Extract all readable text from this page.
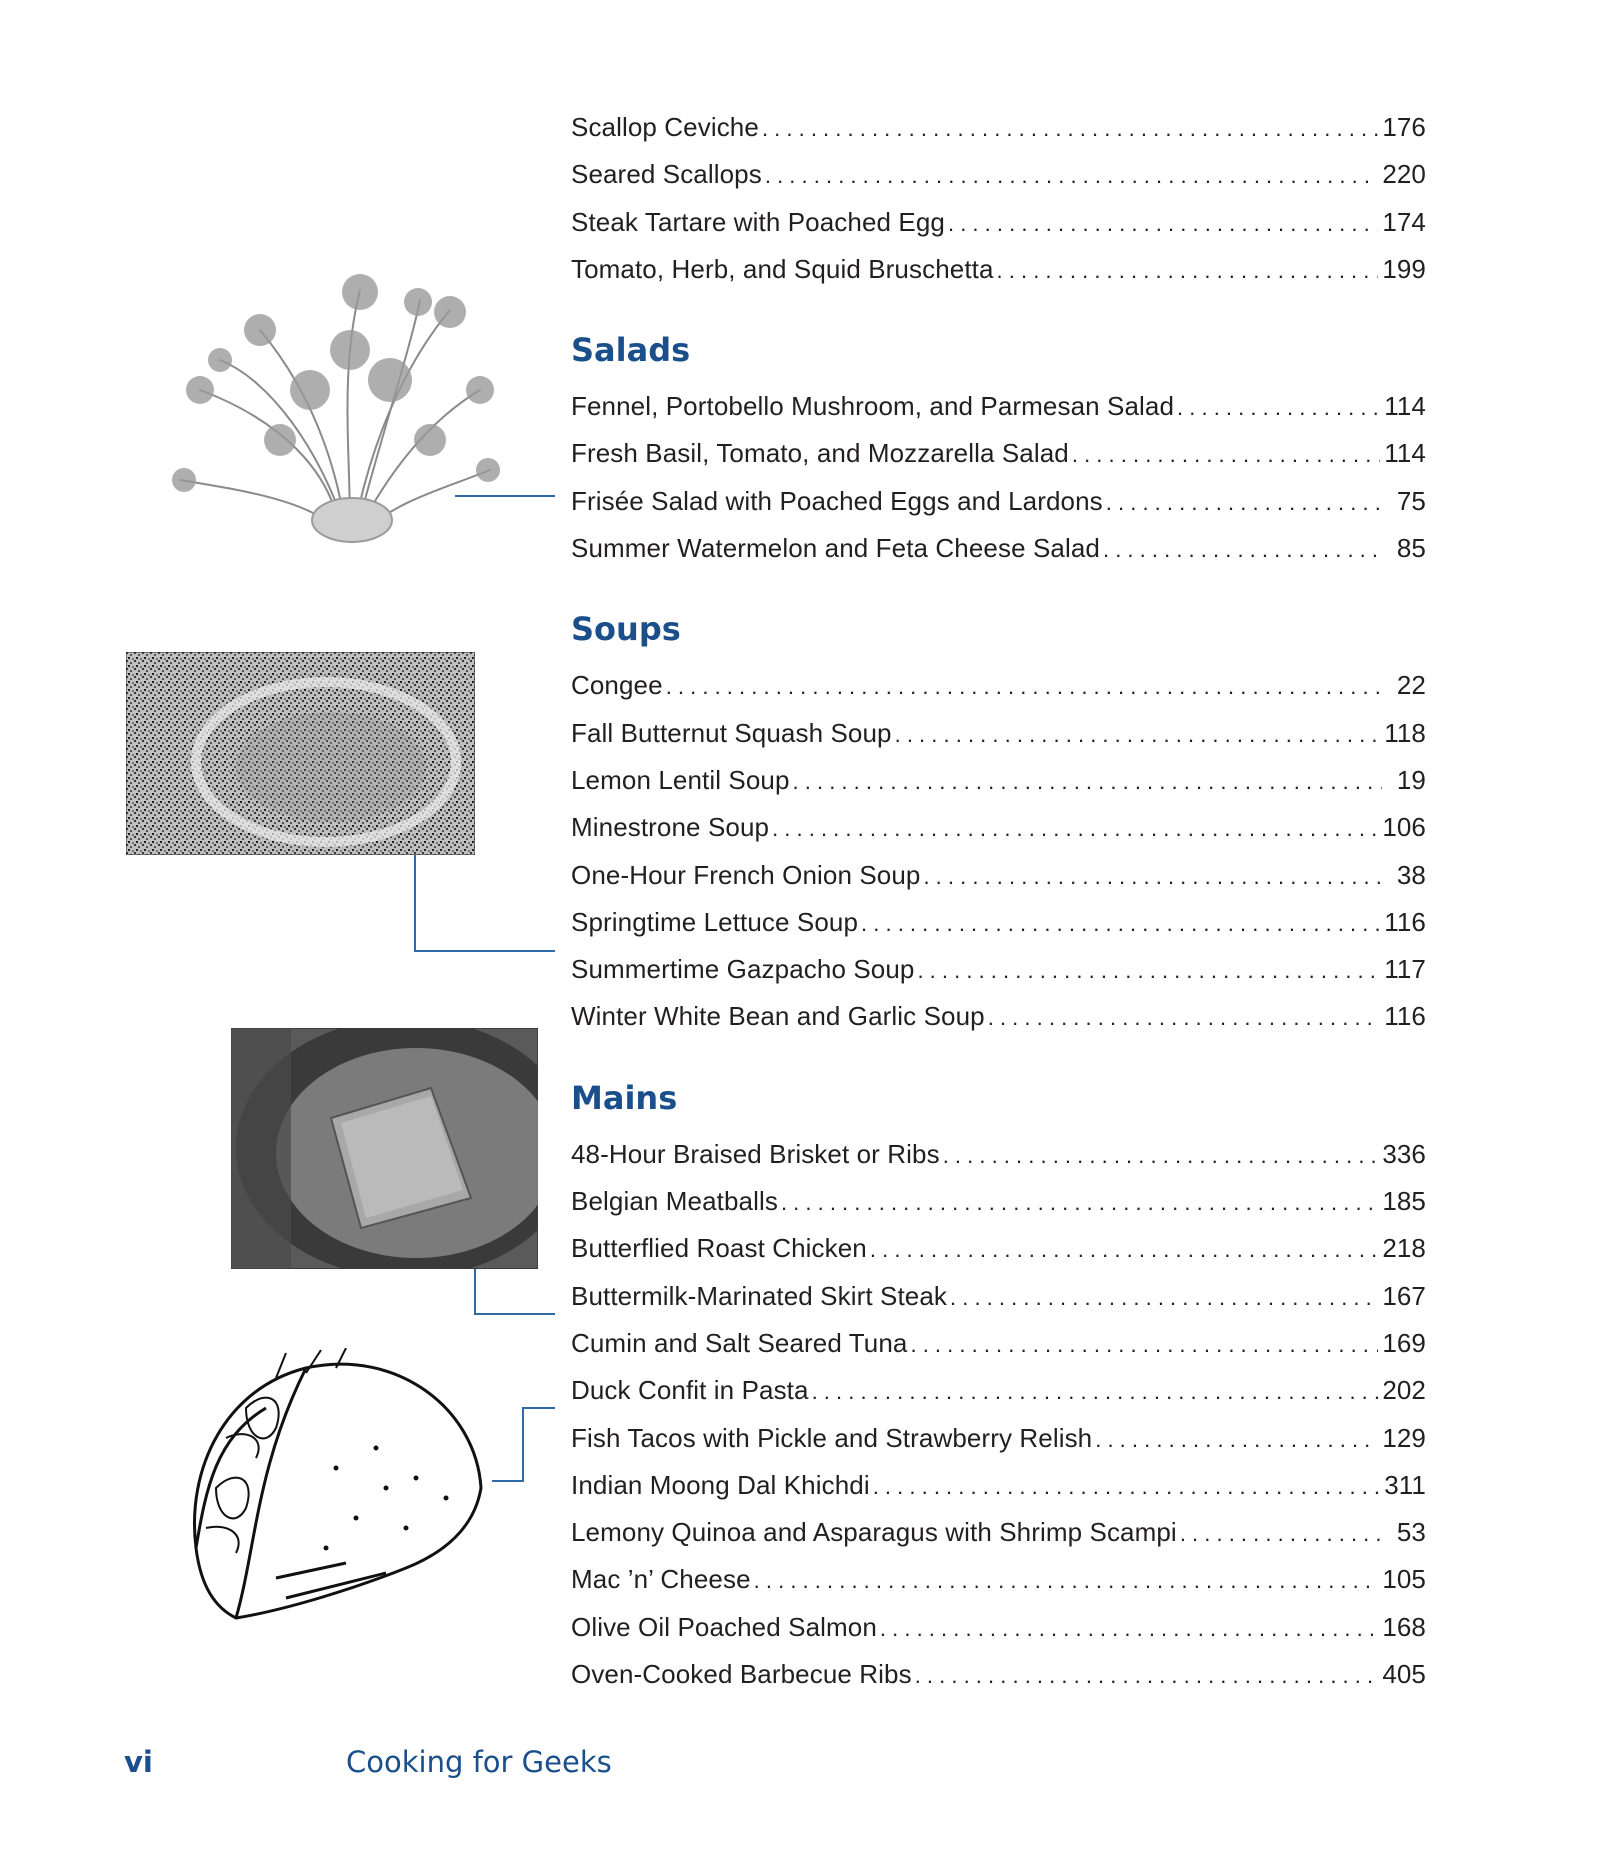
Scallop Ceviche . . .	176
Seared Scallops . . .	220
Steak Tartare with Poached Egg . . .	174
Tomato, Herb, and Squid Bruschetta . . .	199
Salads
Fennel, Portobello Mushroom, and Parmesan Salad . . .	114
Fresh Basil, Tomato, and Mozzarella Salad . . .	114
Frisée Salad with Poached Eggs and Lardons . . .	75
Summer Watermelon and Feta Cheese Salad . . .	85
Soups
Congee . . .	22
Fall Butternut Squash Soup . . .	118
Lemon Lentil Soup . . .	19
Minestrone Soup . . .	106
One-Hour French Onion Soup . . .	38
Springtime Lettuce Soup . . .	116
Summertime Gazpacho Soup . . .	117
Winter White Bean and Garlic Soup . . .	116
Mains
48-Hour Braised Brisket or Ribs . . .	336
Belgian Meatballs . . .	185
Butterflied Roast Chicken . . .	218
Buttermilk-Marinated Skirt Steak . . .	167
Cumin and Salt Seared Tuna . . .	169
Duck Confit in Pasta . . .	202
Fish Tacos with Pickle and Strawberry Relish . . .	129
Indian Moong Dal Khichdi . . .	311
Lemony Quinoa and Asparagus with Shrimp Scampi . . .	53
Mac ’n’ Cheese . . .	105
Olive Oil Poached Salmon . . .	168
Oven-Cooked Barbecue Ribs . . .	405
vi	Cooking for Geeks
